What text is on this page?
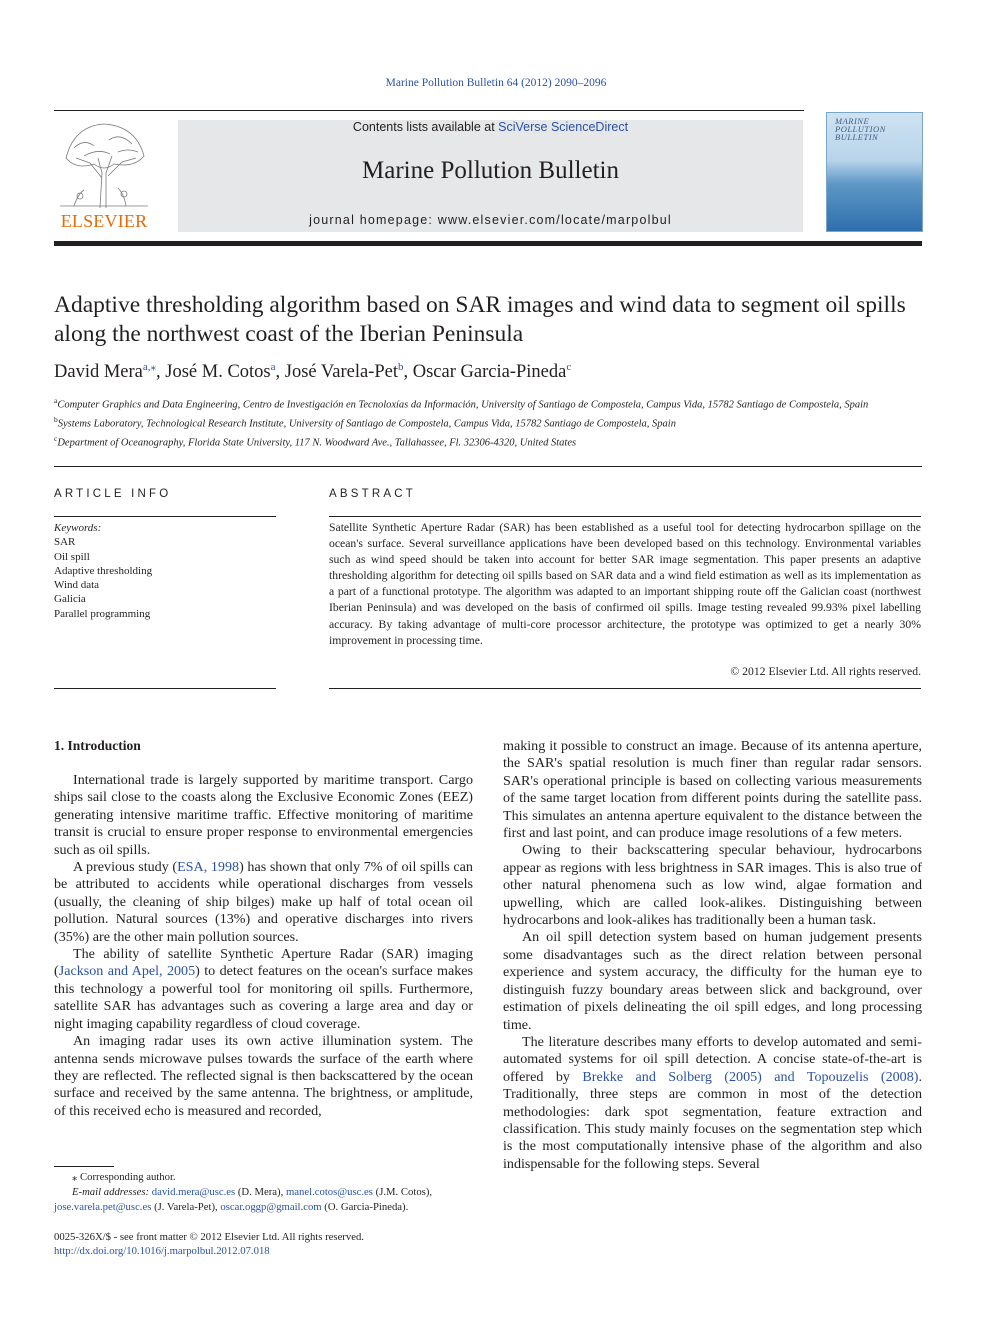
Marine Pollution Bulletin 64 (2012) 2090–2096
ELSEVIER
Contents lists available at SciVerse ScienceDirect
Marine Pollution Bulletin
journal homepage: www.elsevier.com/locate/marpolbul
MARINE POLLUTION BULLETIN
Adaptive thresholding algorithm based on SAR images and wind data to segment oil spills along the northwest coast of the Iberian Peninsula
David Mera$^{a,⁎}$, José M. Cotos$^a$, José Varela-Pet$^b$, Oscar Garcia-Pineda$^c$
$^a$Computer Graphics and Data Engineering, Centro de Investigación en Tecnoloxías da Información, University of Santiago de Compostela, Campus Vida, 15782 Santiago de Compostela, Spain
$^b$Systems Laboratory, Technological Research Institute, University of Santiago de Compostela, Campus Vida, 15782 Santiago de Compostela, Spain
$^c$Department of Oceanography, Florida State University, 117 N. Woodward Ave., Tallahassee, Fl. 32306-4320, United States
ARTICLE INFO	ABSTRACT
Keywords:
SAR
Oil spill
Adaptive thresholding
Wind data
Galicia
Parallel programming
Satellite Synthetic Aperture Radar (SAR) has been established as a useful tool for detecting hydrocarbon spillage on the ocean's surface. Several surveillance applications have been developed based on this technology. Environmental variables such as wind speed should be taken into account for better SAR image segmentation. This paper presents an adaptive thresholding algorithm for detecting oil spills based on SAR data and a wind field estimation as well as its implementation as a part of a functional prototype. The algorithm was adapted to an important shipping route off the Galician coast (northwest Iberian Peninsula) and was developed on the basis of confirmed oil spills. Image testing revealed 99.93% pixel labelling accuracy. By taking advantage of multi-core processor architecture, the prototype was optimized to get a nearly 30% improvement in processing time.
© 2012 Elsevier Ltd. All rights reserved.
1. Introduction

International trade is largely supported by maritime transport. Cargo ships sail close to the coasts along the Exclusive Economic Zones (EEZ) generating intensive maritime traffic. Effective monitoring of maritime transit is crucial to ensure proper response to environmental emergencies such as oil spills.

A previous study (ESA, 1998) has shown that only 7% of oil spills can be attributed to accidents while operational discharges from vessels (usually, the cleaning of ship bilges) make up half of total ocean oil pollution. Natural sources (13%) and operative discharges into rivers (35%) are the other main pollution sources.

The ability of satellite Synthetic Aperture Radar (SAR) imaging (Jackson and Apel, 2005) to detect features on the ocean's surface makes this technology a powerful tool for monitoring oil spills. Furthermore, satellite SAR has advantages such as covering a large area and day or night imaging capability regardless of cloud coverage.

An imaging radar uses its own active illumination system. The antenna sends microwave pulses towards the surface of the earth where they are reflected. The reflected signal is then backscattered by the ocean surface and received by the same antenna. The brightness, or amplitude, of this received echo is measured and recorded,

making it possible to construct an image. Because of its antenna aperture, the SAR's spatial resolution is much finer than regular radar sensors. SAR's operational principle is based on collecting various measurements of the same target location from different points during the satellite pass. This simulates an antenna aperture equivalent to the distance between the first and last point, and can produce image resolutions of a few meters.

Owing to their backscattering specular behaviour, hydrocarbons appear as regions with less brightness in SAR images. This is also true of other natural phenomena such as low wind, algae formation and upwelling, which are called look-alikes. Distinguishing between hydrocarbons and look-alikes has traditionally been a human task.

An oil spill detection system based on human judgement presents some disadvantages such as the direct relation between personal experience and system accuracy, the difficulty for the human eye to distinguish fuzzy boundary areas between slick and background, over estimation of pixels delineating the oil spill edges, and long processing time.

The literature describes many efforts to develop automated and semi-automated systems for oil spill detection. A concise state-of-the-art is offered by Brekke and Solberg (2005) and Topouzelis (2008). Traditionally, three steps are common in most of the detection methodologies: dark spot segmentation, feature extraction and classification. This study mainly focuses on the segmentation step which is the most computationally intensive phase of the algorithm and also indispensable for the following steps. Several

⁎ Corresponding author.
E-mail addresses: david.mera@usc.es (D. Mera), manel.cotos@usc.es (J.M. Cotos),
jose.varela.pet@usc.es (J. Varela-Pet), oscar.oggp@gmail.com (O. Garcia-Pineda).
0025-326X/$ - see front matter © 2012 Elsevier Ltd. All rights reserved.
http://dx.doi.org/10.1016/j.marpolbul.2012.07.018
